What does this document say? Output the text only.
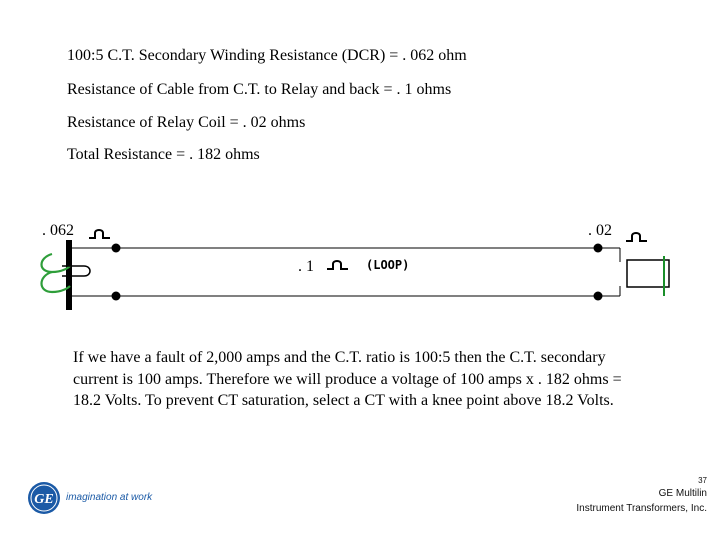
100:5 C.T. Secondary Winding Resistance (DCR) = . 062 ohm
Resistance of Cable from C.T. to Relay and back = . 1 ohms
Resistance of Relay Coil = . 02 ohms
Total Resistance = . 182 ohms
. 062	. 02
. 1	(LOOP)
If we have a fault of 2,000 amps and the C.T. ratio is 100:5 then the C.T. secondary current is 100 amps. Therefore we will produce a voltage of 100 amps x . 182 ohms = 18.2 Volts. To prevent CT saturation, select a CT with a knee point above 18.2 Volts.
GE imagination at work
37
GE Multilin
Instrument Transformers, Inc.
